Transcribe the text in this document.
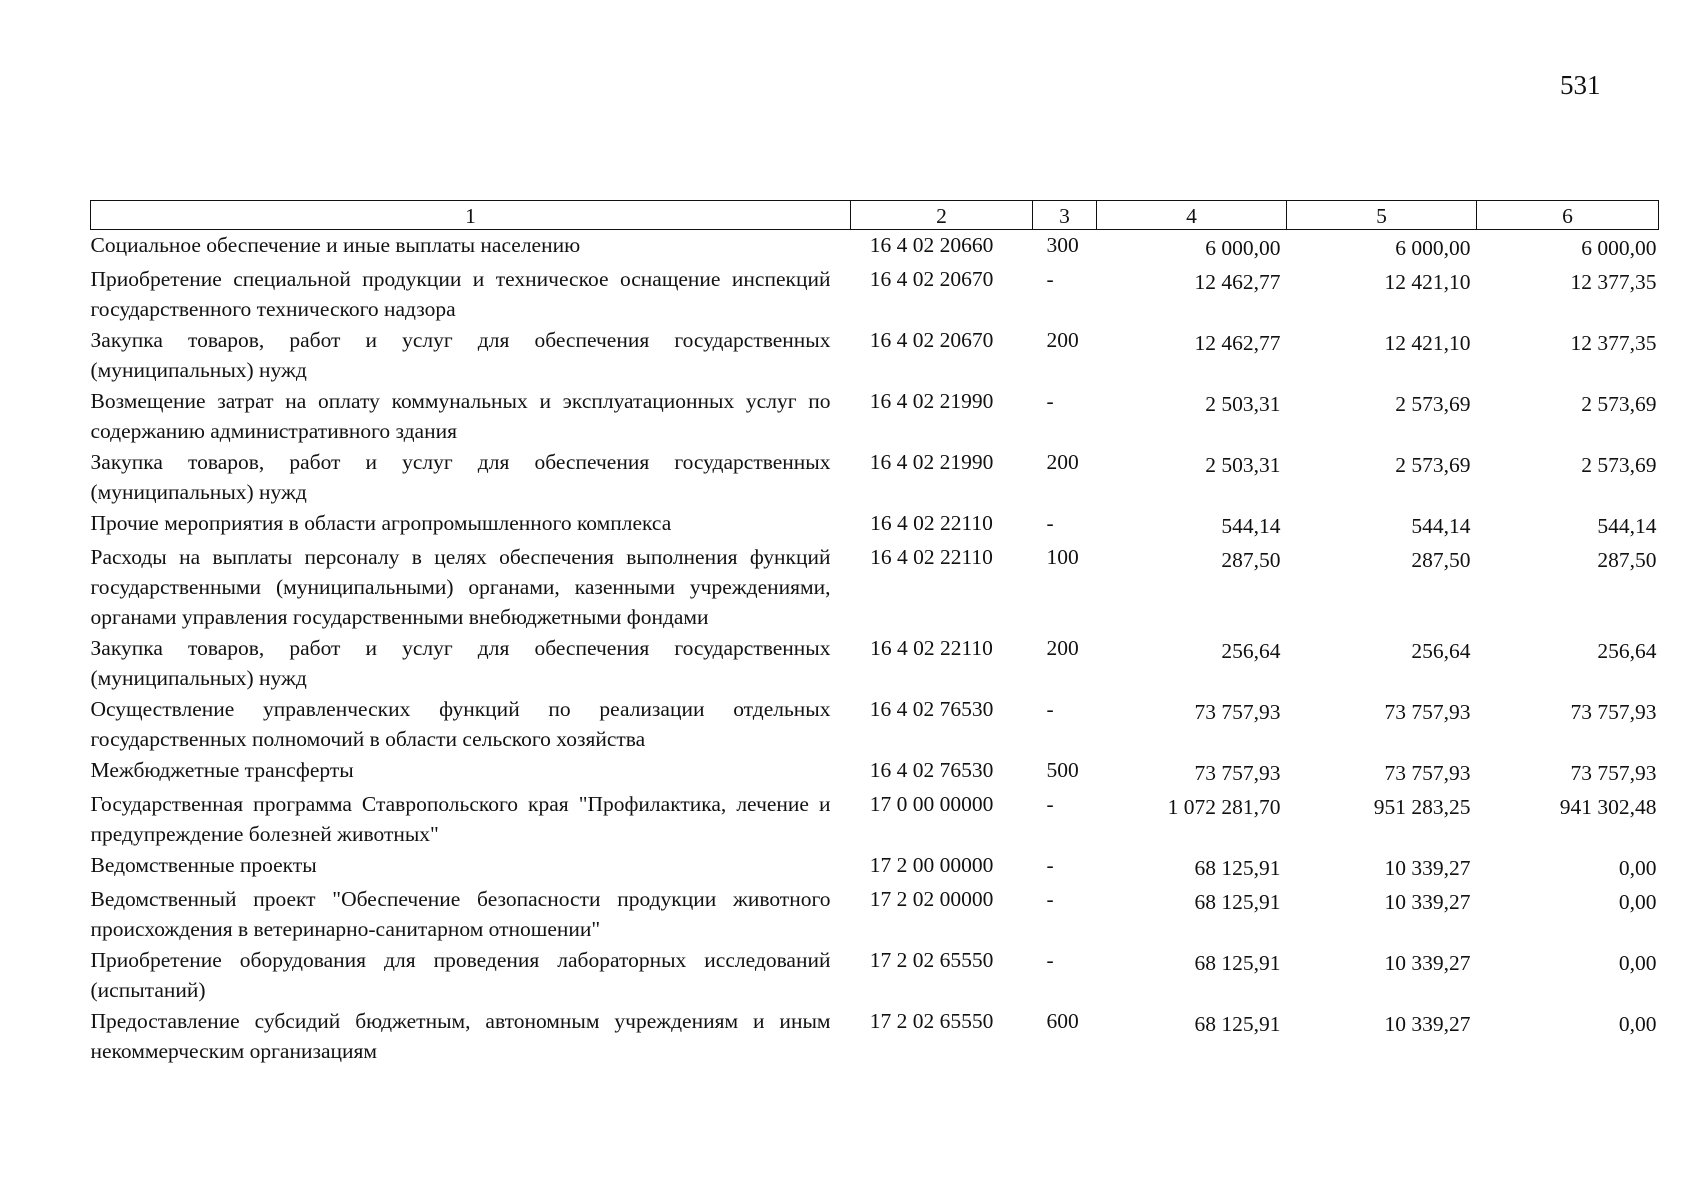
531
1	2	3	4	5	6
Социальное обеспечение и иные выплаты населению	16 4 02 20660	300	6 000,00	6 000,00	6 000,00
Приобретение специальной продукции и техническое оснащение инспекций государственного технического надзора	16 4 02 20670	-	12 462,77	12 421,10	12 377,35
Закупка товаров, работ и услуг для обеспечения государственных (муниципальных) нужд	16 4 02 20670	200	12 462,77	12 421,10	12 377,35
Возмещение затрат на оплату коммунальных и эксплуатационных услуг по содержанию административного здания	16 4 02 21990	-	2 503,31	2 573,69	2 573,69
Закупка товаров, работ и услуг для обеспечения государственных (муниципальных) нужд	16 4 02 21990	200	2 503,31	2 573,69	2 573,69
Прочие мероприятия в области агропромышленного комплекса	16 4 02 22110	-	544,14	544,14	544,14
Расходы на выплаты персоналу в целях обеспечения выполнения функций государственными (муниципальными) органами, казенными учреждениями, органами управления государственными внебюджетными фондами	16 4 02 22110	100	287,50	287,50	287,50
Закупка товаров, работ и услуг для обеспечения государственных (муниципальных) нужд	16 4 02 22110	200	256,64	256,64	256,64
Осуществление управленческих функций по реализации отдельных государственных полномочий в области сельского хозяйства	16 4 02 76530	-	73 757,93	73 757,93	73 757,93
Межбюджетные трансферты	16 4 02 76530	500	73 757,93	73 757,93	73 757,93
Государственная программа Ставропольского края "Профилактика, лечение и предупреждение болезней животных"	17 0 00 00000	-	1 072 281,70	951 283,25	941 302,48
Ведомственные проекты	17 2 00 00000	-	68 125,91	10 339,27	0,00
Ведомственный проект "Обеспечение безопасности продукции животного происхождения в ветеринарно-санитарном отношении"	17 2 02 00000	-	68 125,91	10 339,27	0,00
Приобретение оборудования для проведения лабораторных исследований (испытаний)	17 2 02 65550	-	68 125,91	10 339,27	0,00
Предоставление субсидий бюджетным, автономным учреждениям и иным некоммерческим организациям	17 2 02 65550	600	68 125,91	10 339,27	0,00
